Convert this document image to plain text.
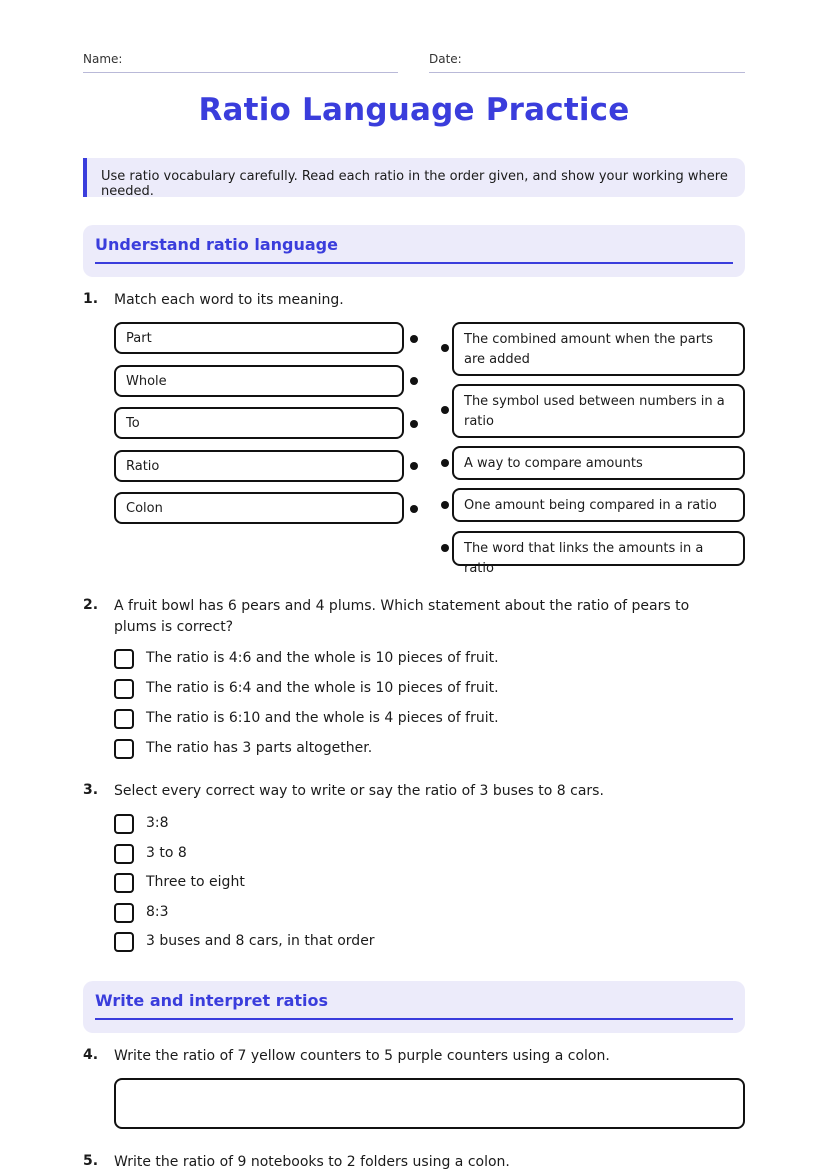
Name:	Date:
Ratio Language Practice
Use ratio vocabulary carefully. Read each ratio in the order given, and show your working where needed.
Understand ratio language
1. Match each word to its meaning.
Part
Whole
To
Ratio
Colon
The combined amount when the parts are added
The symbol used between numbers in a ratio
A way to compare amounts
One amount being compared in a ratio
The word that links the amounts in a ratio
2. A fruit bowl has 6 pears and 4 plums. Which statement about the ratio of pears to plums is correct?
The ratio is 4:6 and the whole is 10 pieces of fruit.
The ratio is 6:4 and the whole is 10 pieces of fruit.
The ratio is 6:10 and the whole is 4 pieces of fruit.
The ratio has 3 parts altogether.
3. Select every correct way to write or say the ratio of 3 buses to 8 cars.
3:8
3 to 8
Three to eight
8:3
3 buses and 8 cars, in that order
Write and interpret ratios
4. Write the ratio of 7 yellow counters to 5 purple counters using a colon.
5. Write the ratio of 9 notebooks to 2 folders using a colon.
